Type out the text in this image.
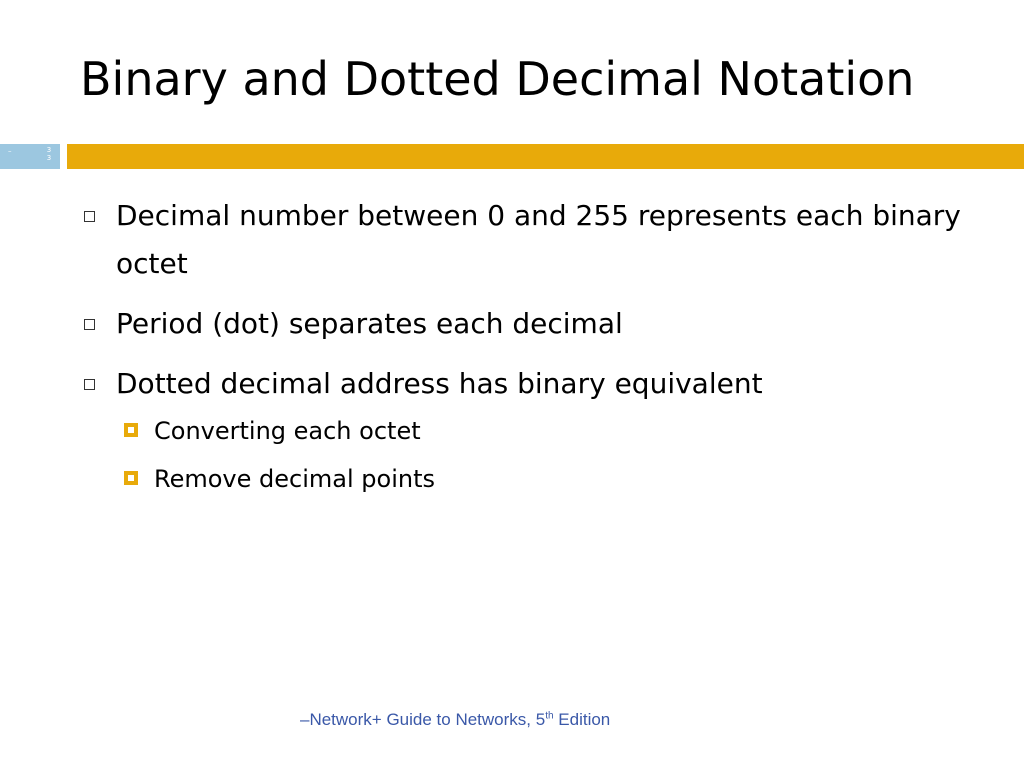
Binary and Dotted Decimal Notation
–	3
3
Decimal number between 0 and 255 represents each binary octet
Period (dot) separates each decimal
Dotted decimal address has binary equivalent
Converting each octet
Remove decimal points
–Network+ Guide to Networks, 5th Edition
